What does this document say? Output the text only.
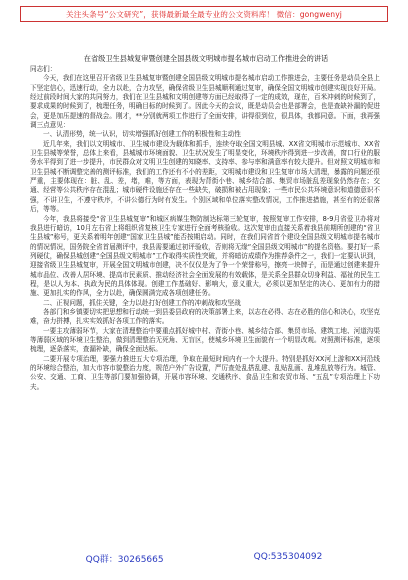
关注头条号“公文研究”，获得最新最全最专业的公文资料库！ 微信：gongwenyj
在省级卫生县城复审暨创建全国县级文明城市提名城市启动工作推进会的讲话

同志们：

今天，我们在这里召开省级卫生县城复审暨创建全国县级文明城市提名城市启动工作推进会，主要任务是动员全县上下坚定信心，迅速行动，全力以赴，合力攻坚，确保省级卫生县城顺利通过复审，确保全国文明城市创建实现良好开局。经过前段时间大家的共同努力，我们在卫生县城和文明创建等方面已经取得了一定的成效，现在，百米冲刺的时候到了，要求成果的时候到了，梳理任务，明确目标的时候到了。因此今天的会议，既是动员会也是部署会，也是查缺补漏的促进会，更是加压提速的督战会。刚才，**分别就两项工作进行了全面安排，讲得很到位，很具体，我都同意。下面，我再强调三点意见：

一、认清形势，统一认识，切实增强抓好创建工作的积极性和主动性

近几年来，我们以文明城市、卫生城市建设为载体和抓手，连续夺取全国文明县城、XX省文明城市示范城市、XX省卫生县城等荣誉，总体上来看，县城城市环境面貌、卫生状况发生了明显变化，环境秩序得到进一步改善，窗口行业的服务水平得到了进一步提升，市民群众对文明卫生创建的知晓率、支持率、参与率和满意率有较大提升。但对照文明城市和卫生县城不断调整完善的测评标准，我们的工作还有不小的差距，文明城市建设和卫生复审市场大清理，暴露的问题还很严重，主要体现在：脏、乱、差，堵，难，等方面，表现为背街小巷、城乡结合部、集贸市场脏乱差现象仍然存在；交通、经营等公共秩序存在混乱；城市硬件设施还存在一些缺失，破损和被占用现象；一些市民公共环境意识和道德意识不强，不讲卫生，不遵守秩序，不讲公德行为时有发生。个别区域和单位落实整改情况，工作推进措施，甚至有的还很落后，等等。

今年，我县将接受“省卫生县城复审”和城区病媒生物防制达标第三轮复审，按照复审工作安排，8-9月省爱卫办将对我县进行暗访，10月左右省上将组织省复核卫生专家进行全面考核验收。这次复审由直接关系着我县前期所创建的“省卫生县城”称号，更关系着明年创建“国家卫生县城”能否按期启动。同时，在我们同省首个建设全国县级文明城市提名城市的情况情况，国务院全省首届测评中，我县需要通过初评验收，否则将无缘“全国县级文明城市”的提名资格。要打好一系列硬仗，确保县城创建“全国县级文明城市”工作取得实质性突破，并将暗访成绩作为推荐条件之一，我们一定要认识到，迎接省级卫生县城复审，开展全国文明城市创建，决不仅仅是为了争一个荣誉称号，擦亮一块牌子，而是通过创建来提升城市品位、改善人居环境、提高市民素质、推动经济社会全面发展的有效载体，是关系全县群众切身利益、福祉的民生工程，是以人为本、执政为民的具体体现。创建工作基础好、影响大，意义重大，必须以更加坚定的决心、更加有力的措施、更加扎实的作风，全力以赴，确保圆满完成各项创建任务。

二、正视问题，抓住关键，全力以赴打好创建工作的冲刺战和攻坚战

各部门和乡镇要切实把思想和行动统一到县委县政府的决策部署上来，以志在必得、志在必胜的信心和决心，攻坚克难，奋力拼搏，扎实实效抓好各项工作的落实。

一要主攻薄弱环节，大家在清理整治中要重点抓好城中村、背街小巷、城乡结合部、集贸市场、建筑工地、河道沟渠等薄弱区域的环境卫生整治，做到清理整治无死角、无盲区，使城乡环境卫生面貌有一个明显改观。对照测评标准，逐项梳理，逐条落实，查漏补缺，确保全面达标。

二要开展专项治理，要强力推进五大专项治理，争取在最短时间内有一个大提升。特别是抓好XX河上游和XX河沿线的环境综合整治，加大市容市貌整治力度，规范户外广告设置，严厉查处乱搭乱建、乱贴乱画、乱堆乱放等行为。城管、公安、交通、工商、卫生等部门要加强协调，开展市容环境、交通秩序、食品卫生和农贸市场、“五乱”专项治理上下功夫。

QQ群：30265665	QQ:535304092
